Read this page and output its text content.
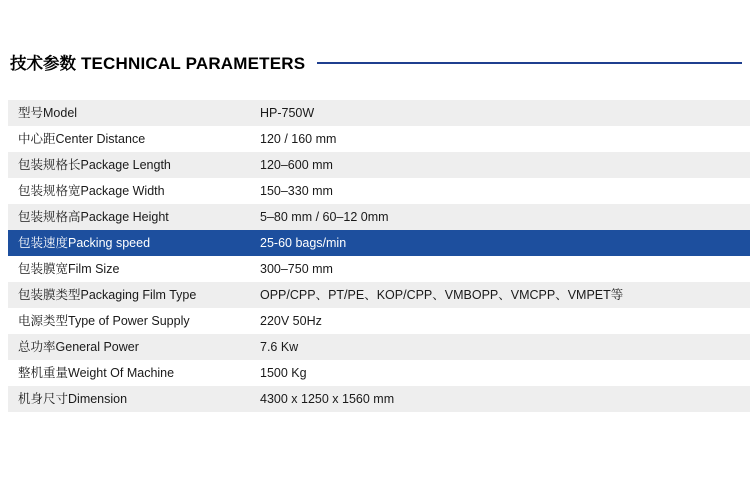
技术参数 TECHNICAL PARAMETERS
型号Model	HP-750W
中心距Center Distance	120 / 160 mm
包装规格长Package Length	120–600 mm
包装规格宽Package Width	150–330 mm
包装规格高Package Height	5–80 mm / 60–12 0mm
包装速度Packing speed	25-60 bags/min
包装膜宽Film Size	300–750 mm
包装膜类型Packaging Film Type	OPP/CPP、PT/PE、KOP/CPP、VMBOPP、VMCPP、VMPET等
电源类型Type of Power Supply	220V 50Hz
总功率General Power	7.6 Kw
整机重量Weight Of Machine	1500 Kg
机身尺寸Dimension	4300 x 1250 x 1560 mm
